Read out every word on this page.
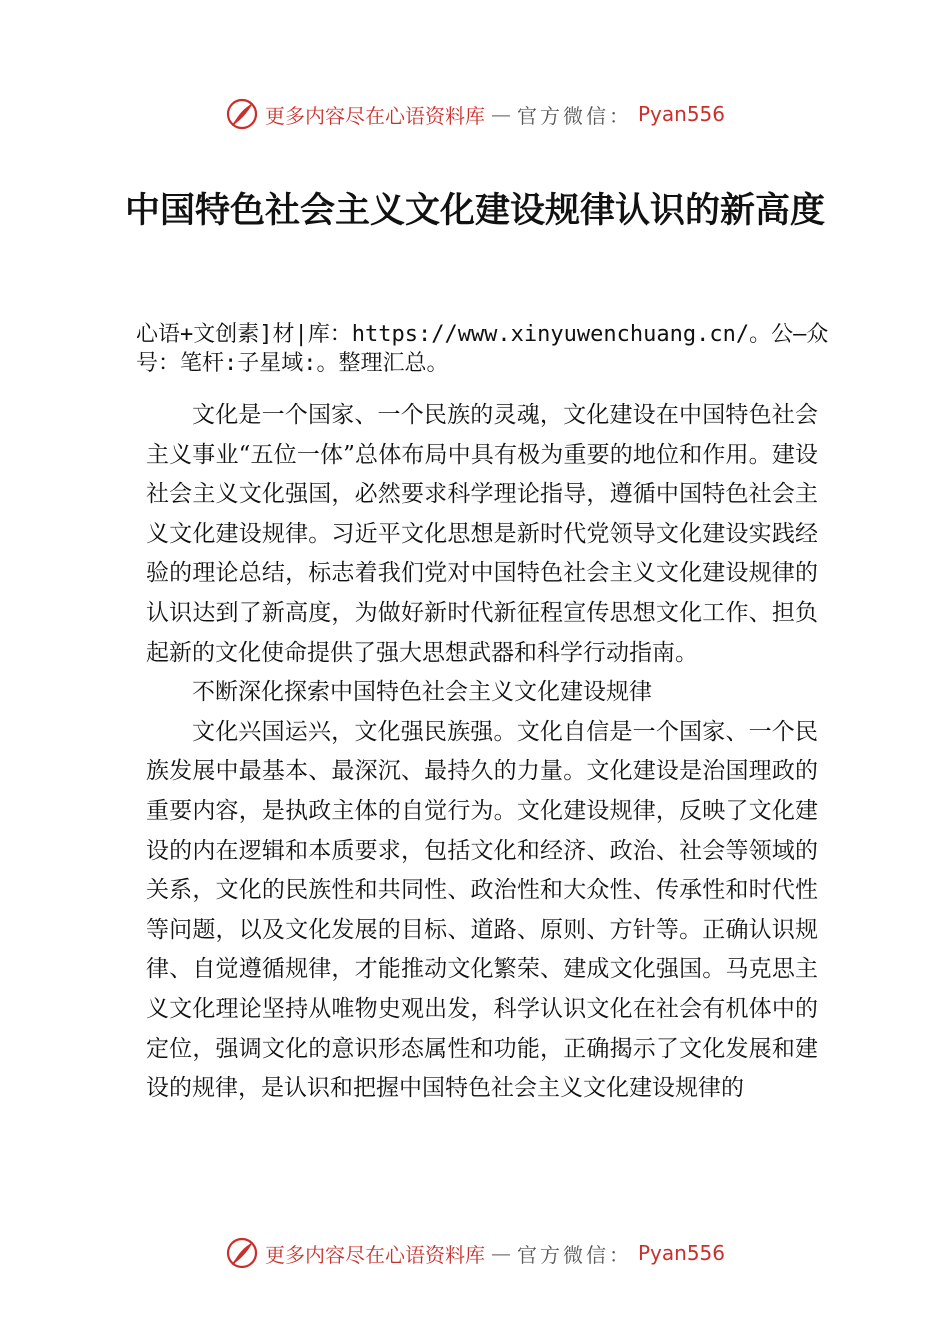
更多内容尽在心语资料库 — 官方微信： Pyan556
中国特色社会主义文化建设规律认识的新高度

心语+文创素]材|库：https://www.xinyuwenchuang.cn/。公—众号：笔杆:子星域:。整理汇总。

文化是一个国家、一个民族的灵魂，文化建设在中国特色社会主义事业“五位一体”总体布局中具有极为重要的地位和作用。建设社会主义文化强国，必然要求科学理论指导，遵循中国特色社会主义文化建设规律。习近平文化思想是新时代党领导文化建设实践经验的理论总结，标志着我们党对中国特色社会主义文化建设规律的认识达到了新高度，为做好新时代新征程宣传思想文化工作、担负起新的文化使命提供了强大思想武器和科学行动指南。

不断深化探索中国特色社会主义文化建设规律

文化兴国运兴，文化强民族强。文化自信是一个国家、一个民族发展中最基本、最深沉、最持久的力量。文化建设是治国理政的重要内容，是执政主体的自觉行为。文化建设规律，反映了文化建设的内在逻辑和本质要求，包括文化和经济、政治、社会等领域的关系，文化的民族性和共同性、政治性和大众性、传承性和时代性等问题，以及文化发展的目标、道路、原则、方针等。正确认识规律、自觉遵循规律，才能推动文化繁荣、建成文化强国。马克思主义文化理论坚持从唯物史观出发，科学认识文化在社会有机体中的定位，强调文化的意识形态属性和功能，正确揭示了文化发展和建设的规律，是认识和把握中国特色社会主义文化建设规律的

更多内容尽在心语资料库 — 官方微信： Pyan556
